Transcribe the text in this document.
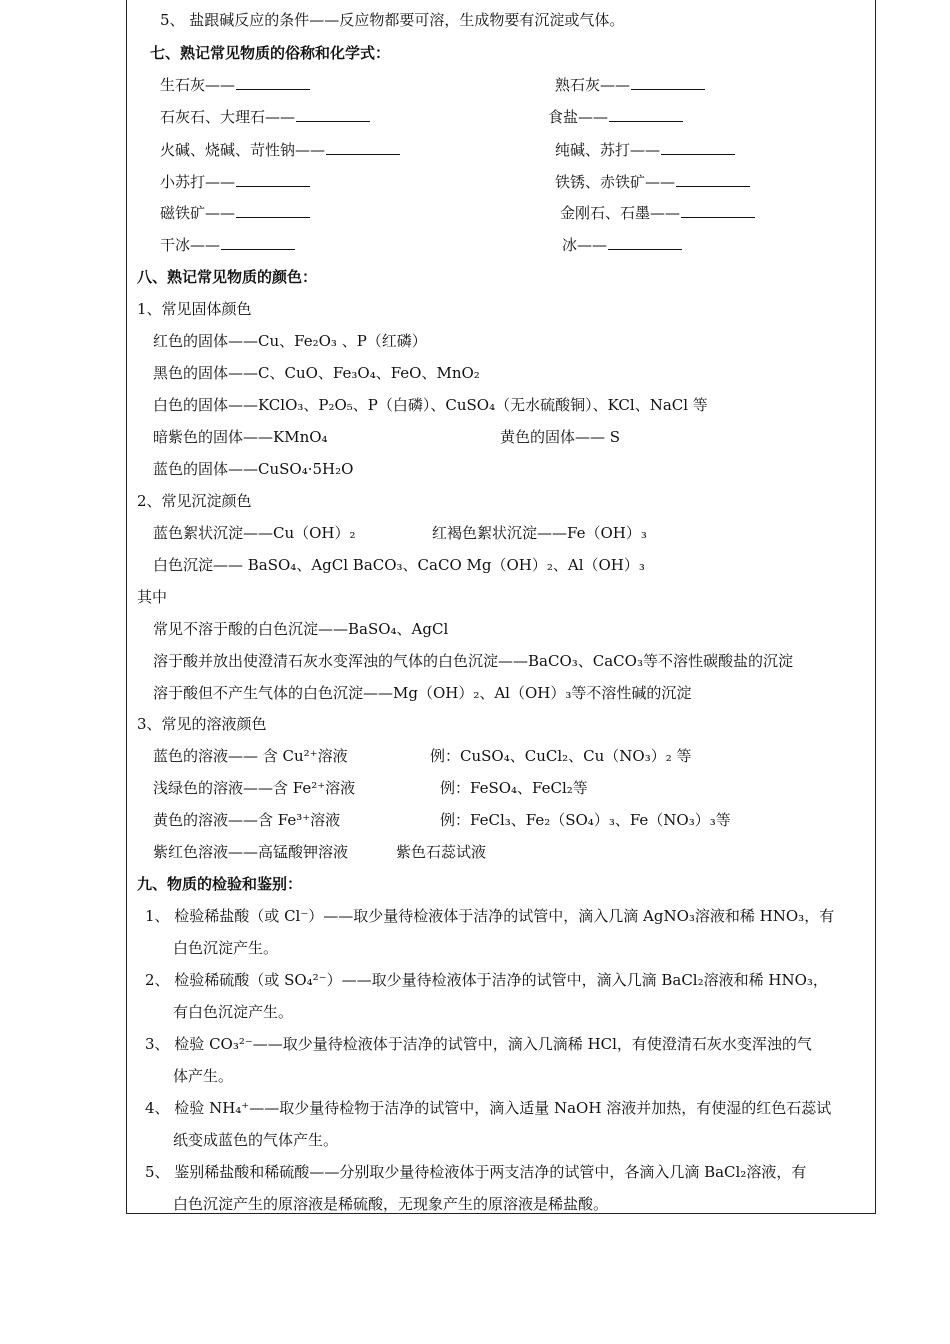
5、 盐跟碱反应的条件——反应物都要可溶，生成物要有沉淀或气体。
七、熟记常见物质的俗称和化学式：
生石灰——	熟石灰——
石灰石、大理石——	食盐——
火碱、烧碱、苛性钠——	纯碱、苏打——
小苏打——	铁锈、赤铁矿——
磁铁矿——	金刚石、石墨——
干冰——	冰——
八、熟记常见物质的颜色：
1、常见固体颜色
红色的固体——Cu、Fe₂O₃ 、P（红磷）
黑色的固体——C、CuO、Fe₃O₄、FeO、MnO₂
白色的固体——KClO₃、P₂O₅、P（白磷）、CuSO₄（无水硫酸铜）、KCl、NaCl 等
暗紫色的固体——KMnO₄	黄色的固体—— S
蓝色的固体——CuSO₄·5H₂O
2、常见沉淀颜色
蓝色絮状沉淀——Cu（OH）₂	红褐色絮状沉淀——Fe（OH）₃
白色沉淀—— BaSO₄、AgCl BaCO₃、CaCO Mg（OH）₂、Al（OH）₃
其中
常见不溶于酸的白色沉淀——BaSO₄、AgCl
溶于酸并放出使澄清石灰水变浑浊的气体的白色沉淀——BaCO₃、CaCO₃等不溶性碳酸盐的沉淀
溶于酸但不产生气体的白色沉淀——Mg（OH）₂、Al（OH）₃等不溶性碱的沉淀
3、常见的溶液颜色
蓝色的溶液—— 含 Cu²⁺溶液	例：CuSO₄、CuCl₂、Cu（NO₃）₂ 等
浅绿色的溶液——含 Fe²⁺溶液	例：FeSO₄、FeCl₂等
黄色的溶液——含 Fe³⁺溶液	例：FeCl₃、Fe₂（SO₄）₃、Fe（NO₃）₃等
紫红色溶液——高锰酸钾溶液	紫色石蕊试液
九、物质的检验和鉴别：
1、 检验稀盐酸（或 Cl⁻）——取少量待检液体于洁净的试管中，滴入几滴 AgNO₃溶液和稀 HNO₃，有
白色沉淀产生。
2、 检验稀硫酸（或 SO₄²⁻）——取少量待检液体于洁净的试管中，滴入几滴 BaCl₂溶液和稀 HNO₃，
有白色沉淀产生。
3、 检验 CO₃²⁻——取少量待检液体于洁净的试管中，滴入几滴稀 HCl，有使澄清石灰水变浑浊的气
体产生。
4、 检验 NH₄⁺——取少量待检物于洁净的试管中，滴入适量 NaOH 溶液并加热，有使湿的红色石蕊试
纸变成蓝色的气体产生。
5、 鉴别稀盐酸和稀硫酸——分别取少量待检液体于两支洁净的试管中，各滴入几滴 BaCl₂溶液，有
白色沉淀产生的原溶液是稀硫酸，无现象产生的原溶液是稀盐酸。
